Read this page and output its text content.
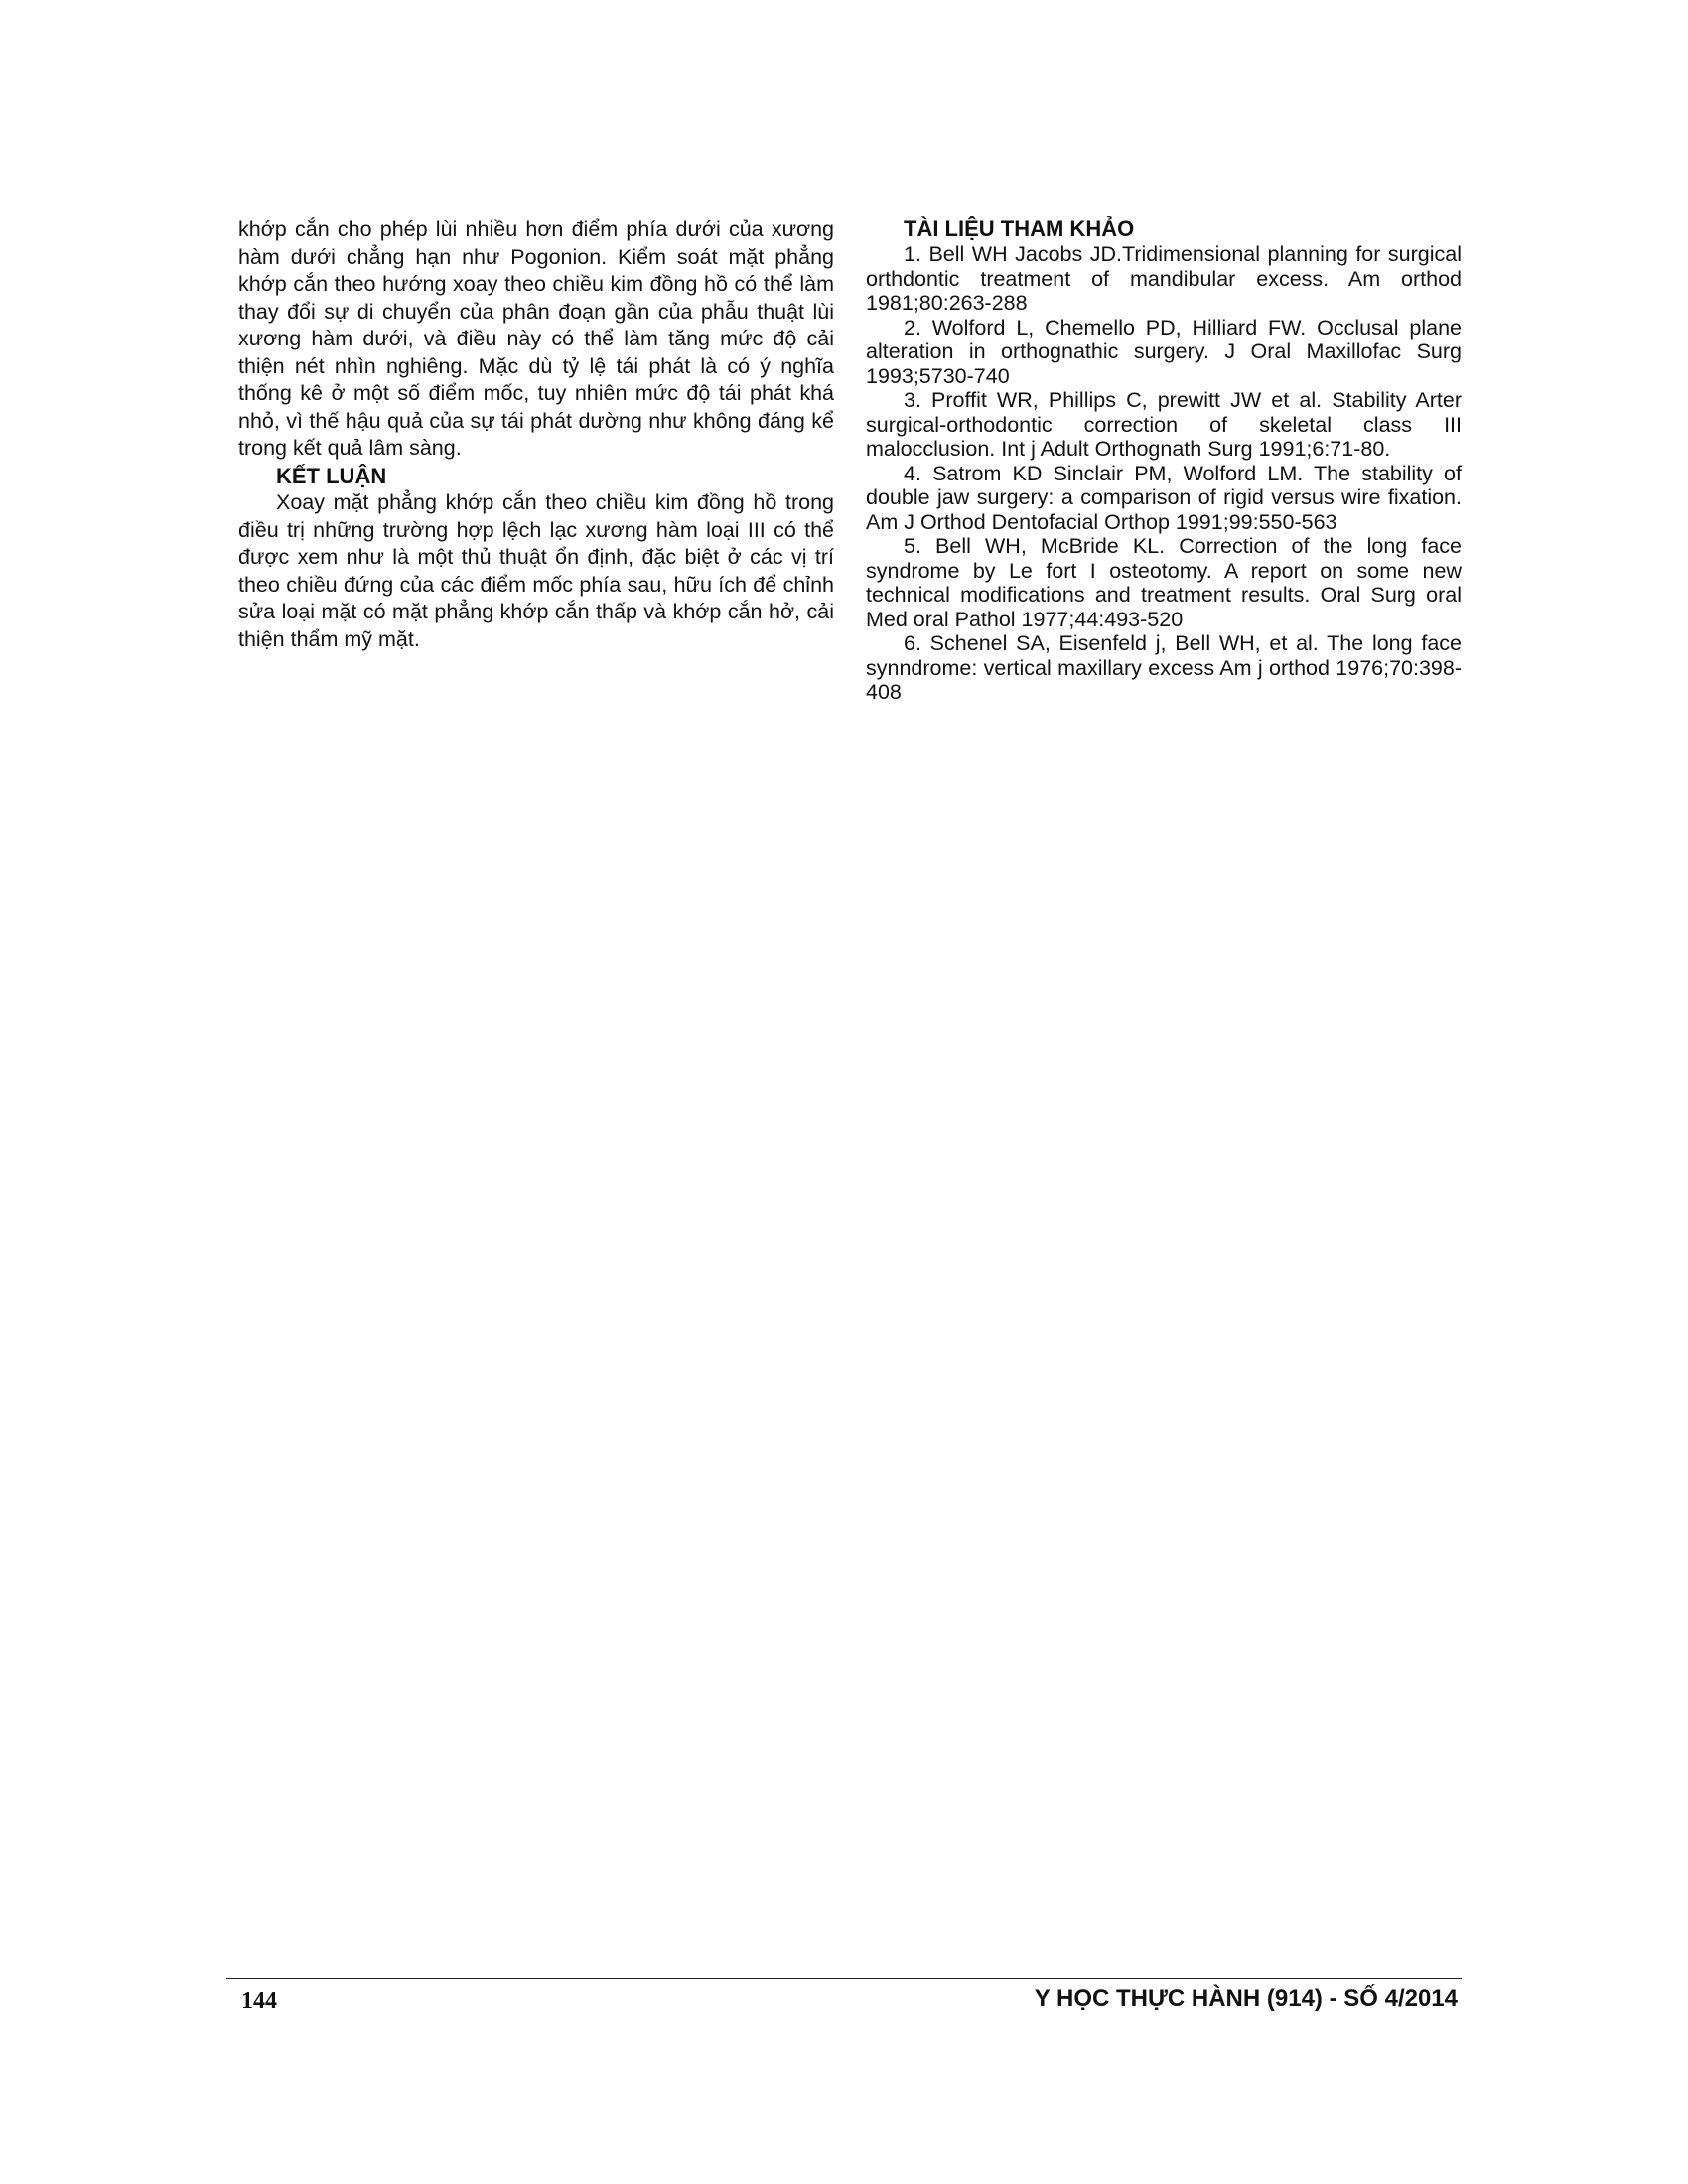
khớp cắn cho phép lùi nhiều hơn điểm phía dưới của xương hàm dưới chẳng hạn như Pogonion. Kiểm soát mặt phẳng khớp cắn theo hướng xoay theo chiều kim đồng hồ có thể làm thay đổi sự di chuyển của phân đoạn gần của phẫu thuật lùi xương hàm dưới, và điều này có thể làm tăng mức độ cải thiện nét nhìn nghiêng. Mặc dù tỷ lệ tái phát là có ý nghĩa thống kê ở một số điểm mốc, tuy nhiên mức độ tái phát khá nhỏ, vì thế hậu quả của sự tái phát dường như không đáng kể trong kết quả lâm sàng.

KẾT LUẬN

Xoay mặt phẳng khớp cắn theo chiều kim đồng hồ trong điều trị những trường hợp lệch lạc xương hàm loại III có thể được xem như là một thủ thuật ổn định, đặc biệt ở các vị trí theo chiều đứng của các điểm mốc phía sau, hữu ích để chỉnh sửa loại mặt có mặt phẳng khớp cắn thấp và khớp cắn hở, cải thiện thẩm mỹ mặt.

TÀI LIỆU THAM KHẢO

1. Bell WH Jacobs JD.Tridimensional planning for surgical orthdontic treatment of mandibular excess. Am orthod 1981;80:263-288

2. Wolford L, Chemello PD, Hilliard FW. Occlusal plane alteration in orthognathic surgery. J Oral Maxillofac Surg 1993;5730-740

3. Proffit WR, Phillips C, prewitt JW et al. Stability Arter surgical-orthodontic correction of skeletal class III malocclusion. Int j Adult Orthognath Surg 1991;6:71-80.

4. Satrom KD Sinclair PM, Wolford LM. The stability of double jaw surgery: a comparison of rigid versus wire fixation. Am J Orthod Dentofacial Orthop 1991;99:550-563

5. Bell WH, McBride KL. Correction of the long face syndrome by Le fort I osteotomy. A report on some new technical modifications and treatment results. Oral Surg oral Med oral Pathol 1977;44:493-520

6. Schenel SA, Eisenfeld j, Bell WH, et al. The long face synndrome: vertical maxillary excess Am j orthod 1976;70:398-408

144	Y HỌC THỰC HÀNH (914) - SỐ 4/2014
